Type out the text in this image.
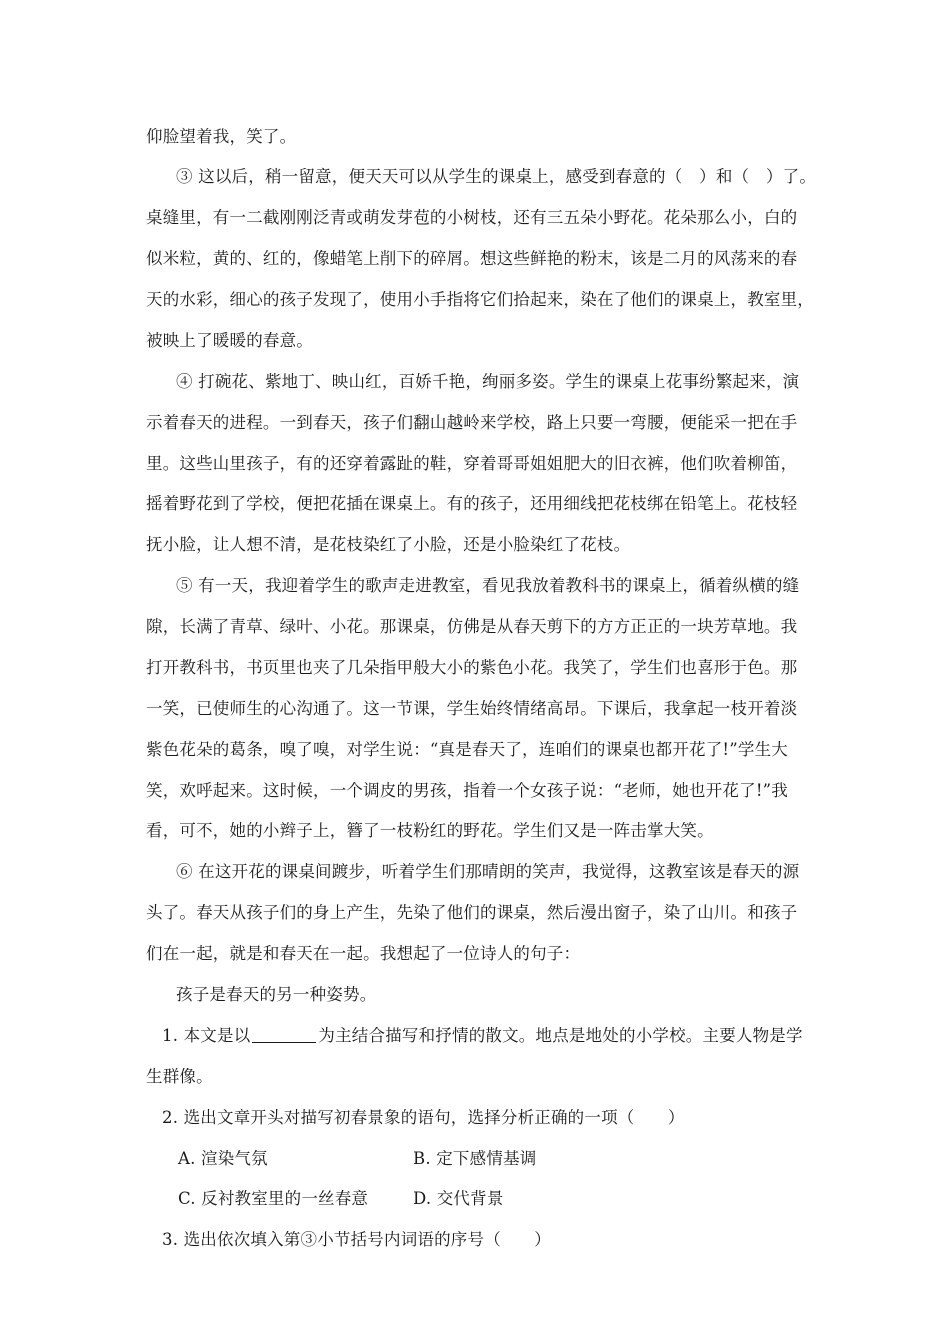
仰脸望着我，笑了。
③ 这以后，稍一留意，便天天可以从学生的课桌上，感受到春意的（　）和（　）了。
桌缝里，有一二截刚刚泛青或萌发芽苞的小树枝，还有三五朵小野花。花朵那么小，白的
似米粒，黄的、红的，像蜡笔上削下的碎屑。想这些鲜艳的粉末，该是二月的风荡来的春
天的水彩，细心的孩子发现了，使用小手指将它们拾起来，染在了他们的课桌上，教室里，
被映上了暖暖的春意。
④ 打碗花、紫地丁、映山红，百娇千艳，绚丽多姿。学生的课桌上花事纷繁起来，演
示着春天的进程。一到春天，孩子们翻山越岭来学校，路上只要一弯腰，便能采一把在手
里。这些山里孩子，有的还穿着露趾的鞋，穿着哥哥姐姐肥大的旧衣裤，他们吹着柳笛，
摇着野花到了学校，便把花插在课桌上。有的孩子，还用细线把花枝绑在铅笔上。花枝轻
抚小脸，让人想不清，是花枝染红了小脸，还是小脸染红了花枝。
⑤ 有一天，我迎着学生的歌声走进教室，看见我放着教科书的课桌上，循着纵横的缝
隙，长满了青草、绿叶、小花。那课桌，仿佛是从春天剪下的方方正正的一块芳草地。我
打开教科书，书页里也夹了几朵指甲般大小的紫色小花。我笑了，学生们也喜形于色。那
一笑，已使师生的心沟通了。这一节课，学生始终情绪高昂。下课后，我拿起一枝开着淡
紫色花朵的葛条，嗅了嗅，对学生说：“真是春天了，连咱们的课桌也都开花了!”学生大
笑，欢呼起来。这时候，一个调皮的男孩，指着一个女孩子说：“老师，她也开花了!”我
看，可不，她的小辫子上，簪了一枝粉红的野花。学生们又是一阵击掌大笑。
⑥ 在这开花的课桌间踱步，听着学生们那晴朗的笑声，我觉得，这教室该是春天的源
头了。春天从孩子们的身上产生，先染了他们的课桌，然后漫出窗子，染了山川。和孩子
们在一起，就是和春天在一起。我想起了一位诗人的句子：
孩子是春天的另一种姿势。
1. 本文是以	为主结合描写和抒情的散文。地点是地处的小学校。主要人物是学
生群像。
2. 选出文章开头对描写初春景象的语句，选择分析正确的一项（　　）
A. 渲染气氛	B. 定下感情基调
C. 反衬教室里的一丝春意	D. 交代背景
3. 选出依次填入第③小节括号内词语的序号（　　）
